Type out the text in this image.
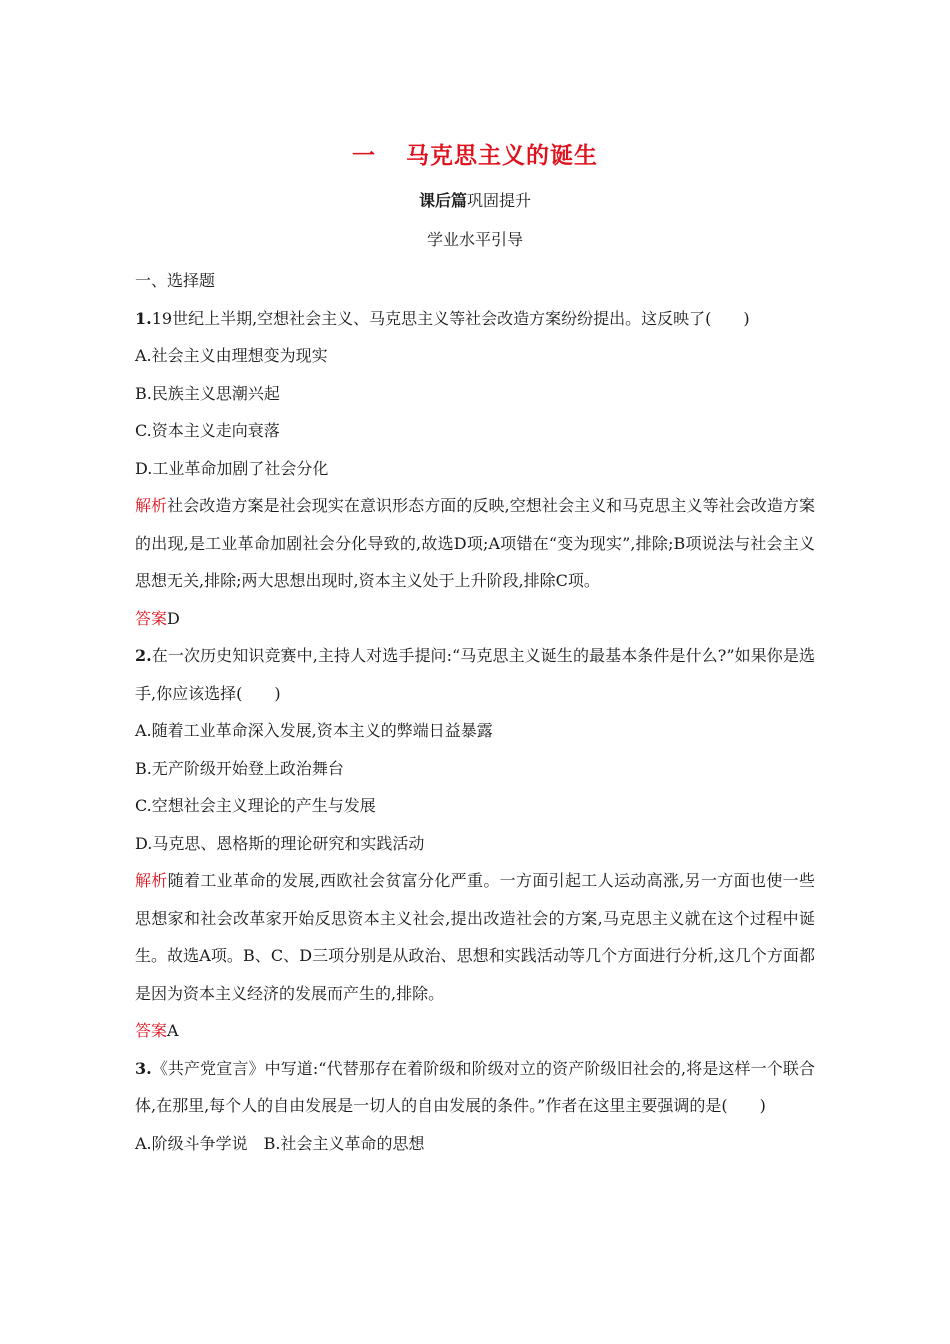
一 马克思主义的诞生
课后篇巩固提升
学业水平引导
一、选择题
1.19世纪上半期,空想社会主义、马克思主义等社会改造方案纷纷提出。这反映了(　　)
A.社会主义由理想变为现实
B.民族主义思潮兴起
C.资本主义走向衰落
D.工业革命加剧了社会分化
解析社会改造方案是社会现实在意识形态方面的反映,空想社会主义和马克思主义等社会改造方案的出现,是工业革命加剧社会分化导致的,故选D项;A项错在“变为现实”,排除;B项说法与社会主义思想无关,排除;两大思想出现时,资本主义处于上升阶段,排除C项。
答案D
2.在一次历史知识竞赛中,主持人对选手提问:“马克思主义诞生的最基本条件是什么?”如果你是选手,你应该选择(　　)
A.随着工业革命深入发展,资本主义的弊端日益暴露
B.无产阶级开始登上政治舞台
C.空想社会主义理论的产生与发展
D.马克思、恩格斯的理论研究和实践活动
解析随着工业革命的发展,西欧社会贫富分化严重。一方面引起工人运动高涨,另一方面也使一些思想家和社会改革家开始反思资本主义社会,提出改造社会的方案,马克思主义就在这个过程中诞生。故选A项。B、C、D三项分别是从政治、思想和实践活动等几个方面进行分析,这几个方面都是因为资本主义经济的发展而产生的,排除。
答案A
3.《共产党宣言》中写道:“代替那存在着阶级和阶级对立的资产阶级旧社会的,将是这样一个联合体,在那里,每个人的自由发展是一切人的自由发展的条件。”作者在这里主要强调的是(　　)
A.阶级斗争学说　B.社会主义革命的思想
